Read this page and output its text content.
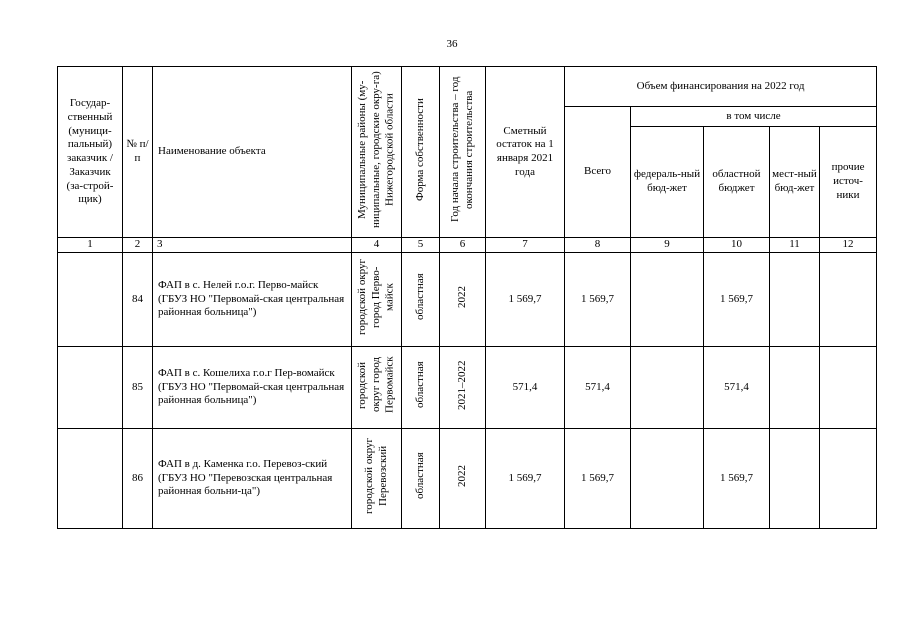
36
Государ-ственный (муници-пальный) заказчик / Заказчик (за-строй-щик)	№ п/п	Наименование объекта	Муниципальные районы (му-ниципальные, городские окру-га) Нижегородской области	Форма собственности	Год начала строительства – год окончания строительства	Сметный остаток на 1 января 2021 года	Объем финансирования на 2022 год				
							Всего	в том числе			

								федераль-ный бюд-жет	областной бюджет	мест-ный бюд-жет	прочие источ-ники

1	2	3	4	5	6	7	8	9	10	11	12
	84	ФАП в с. Нелей г.о.г. Перво-майск (ГБУЗ НО "Первомай-ская центральная районная больница")	городской округ город Перво-майск	областная	2022	1 569,7	1 569,7		1 569,7		
	85	ФАП в с. Кошелиха г.о.г Пер-вомайск (ГБУЗ НО "Первомай-ская центральная районная больница")	городской округ город Первомайск	областная	2021–2022	571,4	571,4		571,4		
	86	ФАП в д. Каменка г.о. Перевоз-ский (ГБУЗ НО "Перевозская центральная районная больни-ца")	городской округ Перевозский	областная	2022	1 569,7	1 569,7		1 569,7		
